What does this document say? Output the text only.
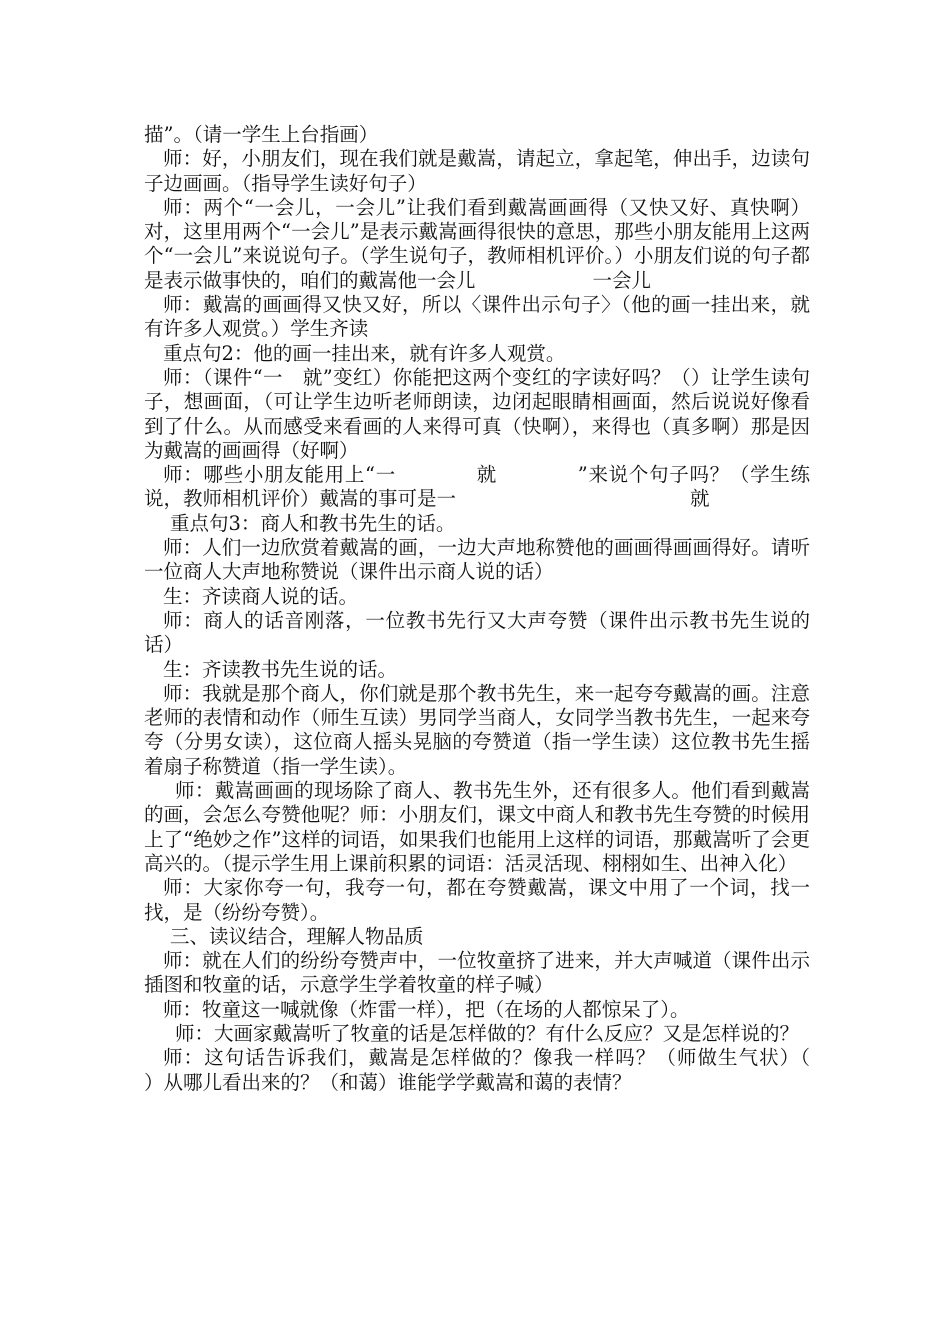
描”。（请一学生上台指画）

师：好，小朋友们，现在我们就是戴嵩，请起立，拿起笔，伸出手，边读句子边画画。（指导学生读好句子）

师：两个“一会儿，一会儿”让我们看到戴嵩画画得（又快又好、真快啊）对，这里用两个“一会儿”是表示戴嵩画得很快的意思，那些小朋友能用上这两个“一会儿”来说说句子。（学生说句子，教师相机评价。）小朋友们说的句子都是表示做事快的，咱们的戴嵩他一会儿　　　　　　一会儿

师：戴嵩的画画得又快又好，所以〈课件出示句子〉（他的画一挂出来，就有许多人观赏。）学生齐读

重点句2：他的画一挂出来，就有许多人观赏。

师：（课件“一　就”变红）你能把这两个变红的字读好吗？（）让学生读句子，想画面，（可让学生边听老师朗读，边闭起眼睛相画面，然后说说好像看到了什么。从而感受来看画的人来得可真（快啊），来得也（真多啊）那是因为戴嵩的画画得（好啊）

师：哪些小朋友能用上“一　　　　就　　　　”来说个句子吗？（学生练说，教师相机评价）戴嵩的事可是一　　　　　　　　　　　　就

重点句3：商人和教书先生的话。

师：人们一边欣赏着戴嵩的画，一边大声地称赞他的画画得画画得好。请听一位商人大声地称赞说（课件出示商人说的话）

生：齐读商人说的话。

师：商人的话音刚落，一位教书先行又大声夸赞（课件出示教书先生说的话）

生：齐读教书先生说的话。

师：我就是那个商人，你们就是那个教书先生，来一起夸夸戴嵩的画。注意老师的表情和动作（师生互读）男同学当商人，女同学当教书先生，一起来夸夸（分男女读），这位商人摇头晃脑的夸赞道（指一学生读）这位教书先生摇着扇子称赞道（指一学生读）。

师：戴嵩画画的现场除了商人、教书先生外，还有很多人。他们看到戴嵩的画，会怎么夸赞他呢？师：小朋友们，课文中商人和教书先生夸赞的时候用上了“绝妙之作”这样的词语，如果我们也能用上这样的词语，那戴嵩听了会更高兴的。（提示学生用上课前积累的词语：活灵活现、栩栩如生、出神入化）

师：大家你夸一句，我夸一句，都在夸赞戴嵩，课文中用了一个词，找一找，是（纷纷夸赞）。

三、读议结合，理解人物品质

师：就在人们的纷纷夸赞声中，一位牧童挤了进来，并大声喊道（课件出示插图和牧童的话，示意学生学着牧童的样子喊）

师：牧童这一喊就像（炸雷一样），把（在场的人都惊呆了）。

师：大画家戴嵩听了牧童的话是怎样做的？有什么反应？又是怎样说的？

师：这句话告诉我们，戴嵩是怎样做的？像我一样吗？（师做生气状）（　　）从哪儿看出来的？（和蔼）谁能学学戴嵩和蔼的表情？
